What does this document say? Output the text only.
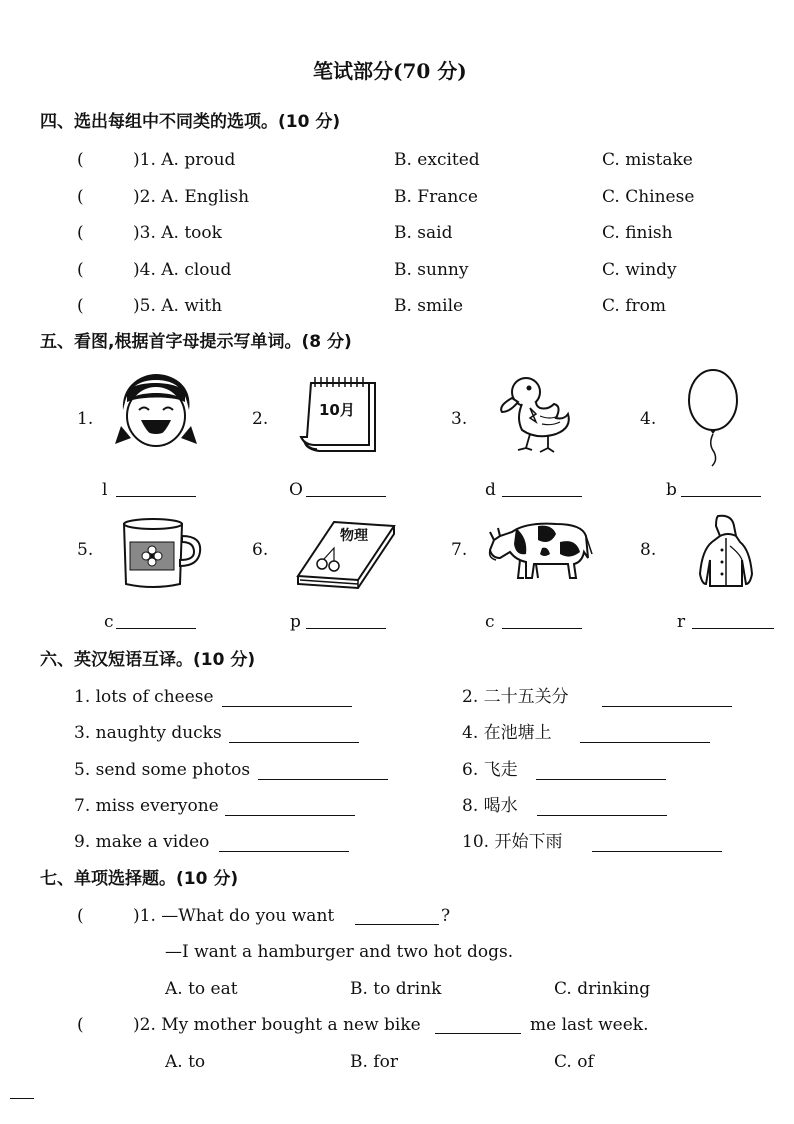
笔试部分(70 分)
四、选出每组中不同类的选项。(10 分)
(	)1. A. proud	B. excited	C. mistake
(	)2. A. English	B. France	C. Chinese
(	)3. A. took	B. said	C. finish
(	)4. A. cloud	B. sunny	C. windy
(	)5. A. with	B. smile	C. from
五、看图,根据首字母提示写单词。(8 分)
1.
l
2.	10月
O
3.
d
4.
b
5.
c
6.
物理
p
7.
c
8.
r
六、英汉短语互译。(10 分)
1. lots of cheese	2. 二十五关分
3. naughty ducks	4. 在池塘上
5. send some photos	6. 飞走
7. miss everyone	8. 喝水
9. make a video	10. 开始下雨
七、单项选择题。(10 分)
(	)1. —What do you want	?
—I want a hamburger and two hot dogs.
A. to eat	B. to drink	C. drinking
(	)2. My mother bought a new bike	me last week.
A. to	B. for	C. of
